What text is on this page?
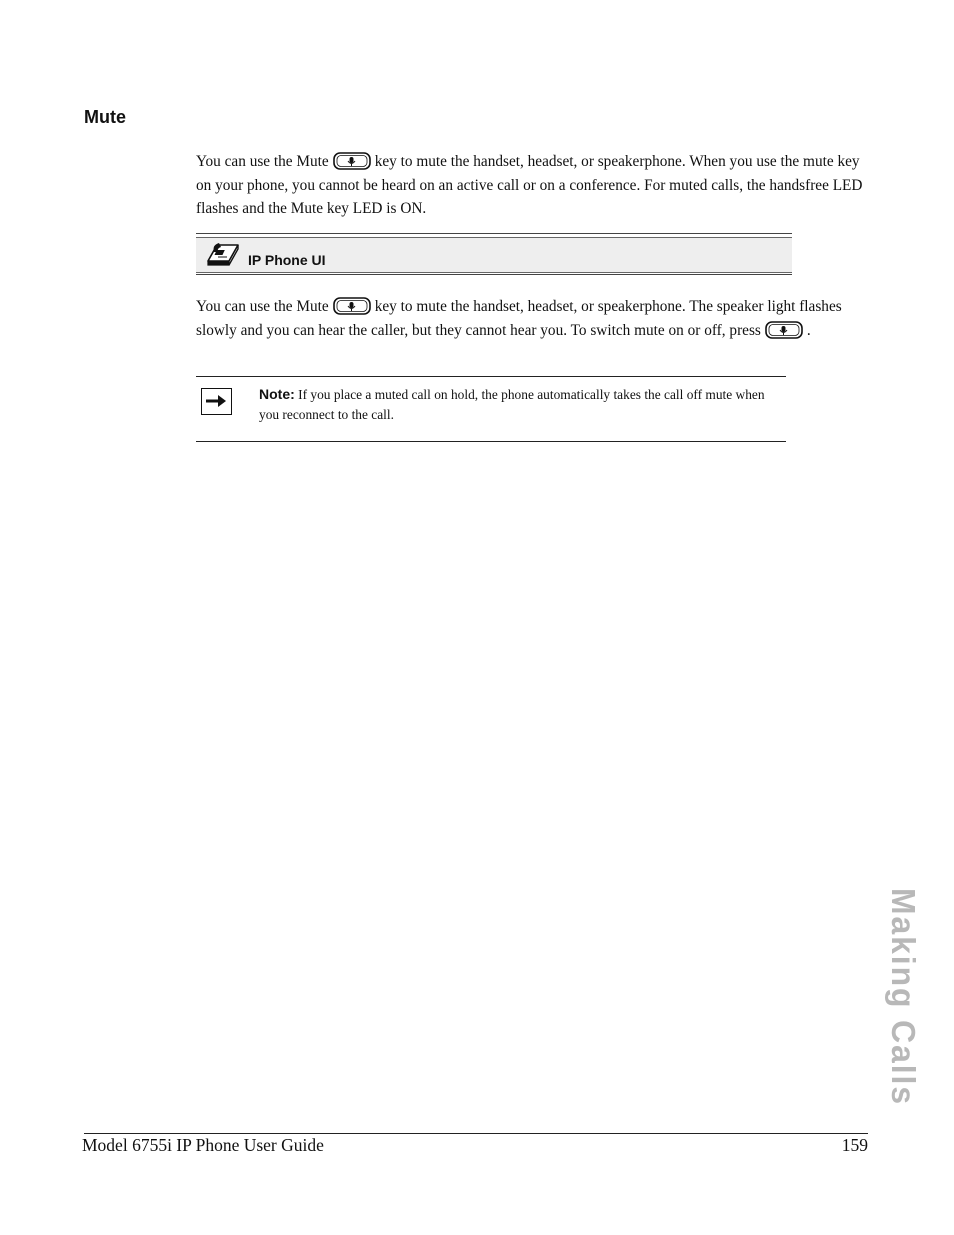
Mute

You can use the Mute	key to mute the handset, headset, or speakerphone. When you use the mute key on your phone, you cannot be heard on an active call or on a conference. For muted calls, the handsfree LED flashes and the Mute key LED is ON.

IP Phone UI

You can use the Mute	key to mute the handset, headset, or speakerphone. The speaker light flashes slowly and you can hear the caller, but they cannot hear you. To switch mute on or off, press	.

Note: If you place a muted call on hold, the phone automatically takes the call off mute when you reconnect to the call.

Making Calls
Model 6755i IP Phone User Guide	159
